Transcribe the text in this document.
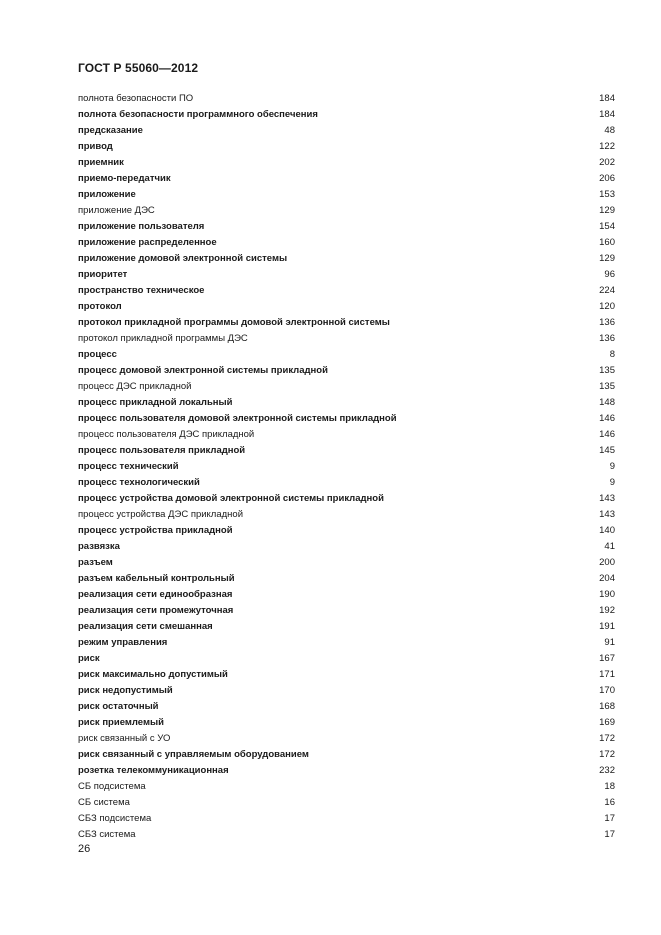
ГОСТ Р 55060—2012
полнота безопасности ПО	184
полнота безопасности программного обеспечения	184
предсказание	48
привод	122
приемник	202
приемо-передатчик	206
приложение	153
приложение ДЭС	129
приложение пользователя	154
приложение распределенное	160
приложение домовой электронной системы	129
приоритет	96
пространство техническое	224
протокол	120
протокол прикладной программы домовой электронной системы	136
протокол прикладной программы ДЭС	136
процесс	8
процесс домовой электронной системы прикладной	135
процесс ДЭС прикладной	135
процесс прикладной локальный	148
процесс пользователя домовой электронной системы прикладной	146
процесс пользователя ДЭС прикладной	146
процесс пользователя прикладной	145
процесс технический	9
процесс технологический	9
процесс устройства домовой электронной системы прикладной	143
процесс устройства ДЭС прикладной	143
процесс устройства прикладной	140
развязка	41
разъем	200
разъем кабельный контрольный	204
реализация сети единообразная	190
реализация сети промежуточная	192
реализация сети смешанная	191
режим управления	91
риск	167
риск максимально допустимый	171
риск недопустимый	170
риск остаточный	168
риск приемлемый	169
риск связанный с УО	172
риск связанный с управляемым оборудованием	172
розетка телекоммуникационная	232
СБ подсистема	18
СБ система	16
СБЗ подсистема	17
СБЗ система	17
26
